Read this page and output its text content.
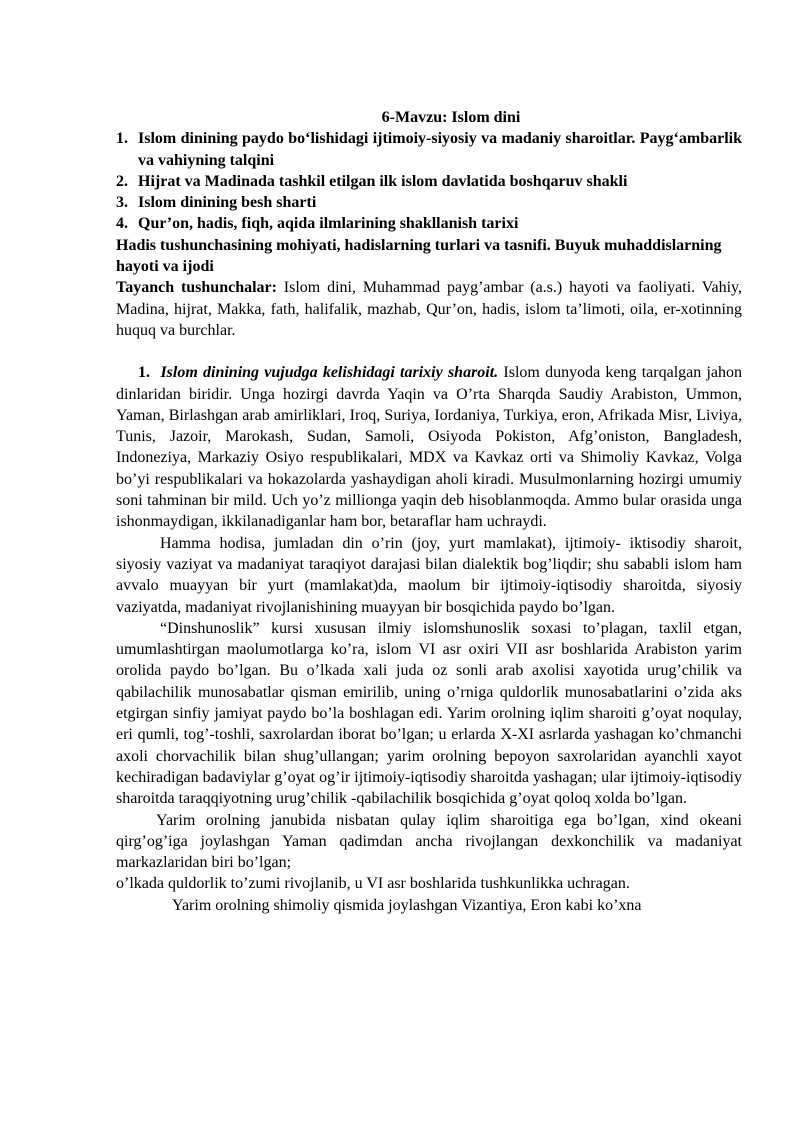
6-Mavzu: Islom dini

1. Islom dinining paydo bo‘lishidagi ijtimoiy-siyosiy va madaniy sharoitlar. Payg‘ambarlik va vahiyning talqini
2. Hijrat va Madinada tashkil etilgan ilk islom davlatida boshqaruv shakli
3. Islom dinining besh sharti
4. Qur’on, hadis, fiqh, aqida ilmlarining shakllanish tarixi

Hadis tushunchasining mohiyati, hadislarning turlari va tasnifi. Buyuk muhaddislarning hayoti va ijodi

Tayanch tushunchalar: Islom dini, Muhammad payg’ambar (a.s.) hayoti va faoliyati. Vahiy, Madina, hijrat, Makka, fath, halifalik, mazhab, Qur’on, hadis, islom ta’limoti, oila, er-xotinning huquq va burchlar.

1. Islom dinining vujudga kelishidagi tarixiy sharoit. Islom dunyoda keng tarqalgan jahon dinlaridan biridir. Unga hozirgi davrda Yaqin va O’rta Sharqda Saudiy Arabiston, Ummon, Yaman, Birlashgan arab amirliklari, Iroq, Suriya, Iordaniya, Turkiya, eron, Afrikada Misr, Liviya, Tunis, Jazoir, Marokash, Sudan, Samoli, Osiyoda Pokiston, Afg’oniston, Bangladesh, Indoneziya, Markaziy Osiyo respublikalari, MDX va Kavkaz orti va Shimoliy Kavkaz, Volga bo’yi respublikalari va hokazolarda yashaydigan aholi kiradi. Musulmonlarning hozirgi umumiy soni tahminan bir mild. Uch yo’z millionga yaqin deb hisoblanmoqda. Ammo bular orasida unga ishonmaydigan, ikkilanadiganlar ham bor, betaraflar ham uchraydi.

Hamma hodisa, jumladan din o’rin (joy, yurt mamlakat), ijtimoiy- iktisodiy sharoit, siyosiy vaziyat va madaniyat taraqiyot darajasi bilan dialektik bog’liqdir; shu sababli islom ham avvalo muayyan bir yurt (mamlakat)da, maolum bir ijtimoiy-iqtisodiy sharoitda, siyosiy vaziyatda, madaniyat rivojlanishining muayyan bir bosqichida paydo bo’lgan.

“Dinshunoslik” kursi xususan ilmiy islomshunoslik soxasi to’plagan, taxlil etgan, umumlashtirgan maolumotlarga ko’ra, islom VI asr oxiri VII asr boshlarida Arabiston yarim orolida paydo bo’lgan. Bu o’lkada xali juda oz sonli arab axolisi xayotida urug’chilik va qabilachilik munosabatlar qisman emirilib, uning o’rniga quldorlik munosabatlarini o’zida aks etgirgan sinfiy jamiyat paydo bo’la boshlagan edi. Yarim orolning iqlim sharoiti g’oyat noqulay, eri qumli, tog’-toshli, saxrolardan iborat bo’lgan; u erlarda X-XI asrlarda yashagan ko’chmanchi axoli chorvachilik bilan shug’ullangan; yarim orolning bepoyon saxrolaridan ayanchli xayot kechiradigan badaviylar g’oyat og’ir ijtimoiy-iqtisodiy sharoitda yashagan; ular ijtimoiy-iqtisodiy sharoitda taraqqiyotning urug’chilik -qabilachilik bosqichida g’oyat qoloq xolda bo’lgan.

Yarim orolning janubida nisbatan qulay iqlim sharoitiga ega bo’lgan, xind okeani qirg’og’iga joylashgan Yaman qadimdan ancha rivojlangan dexkonchilik va madaniyat markazlaridan biri bo’lgan;

o’lkada quldorlik to’zumi rivojlanib, u VI asr boshlarida tushkunlikka uchragan.

Yarim orolning shimoliy qismida joylashgan Vizantiya, Eron kabi ko’xna
